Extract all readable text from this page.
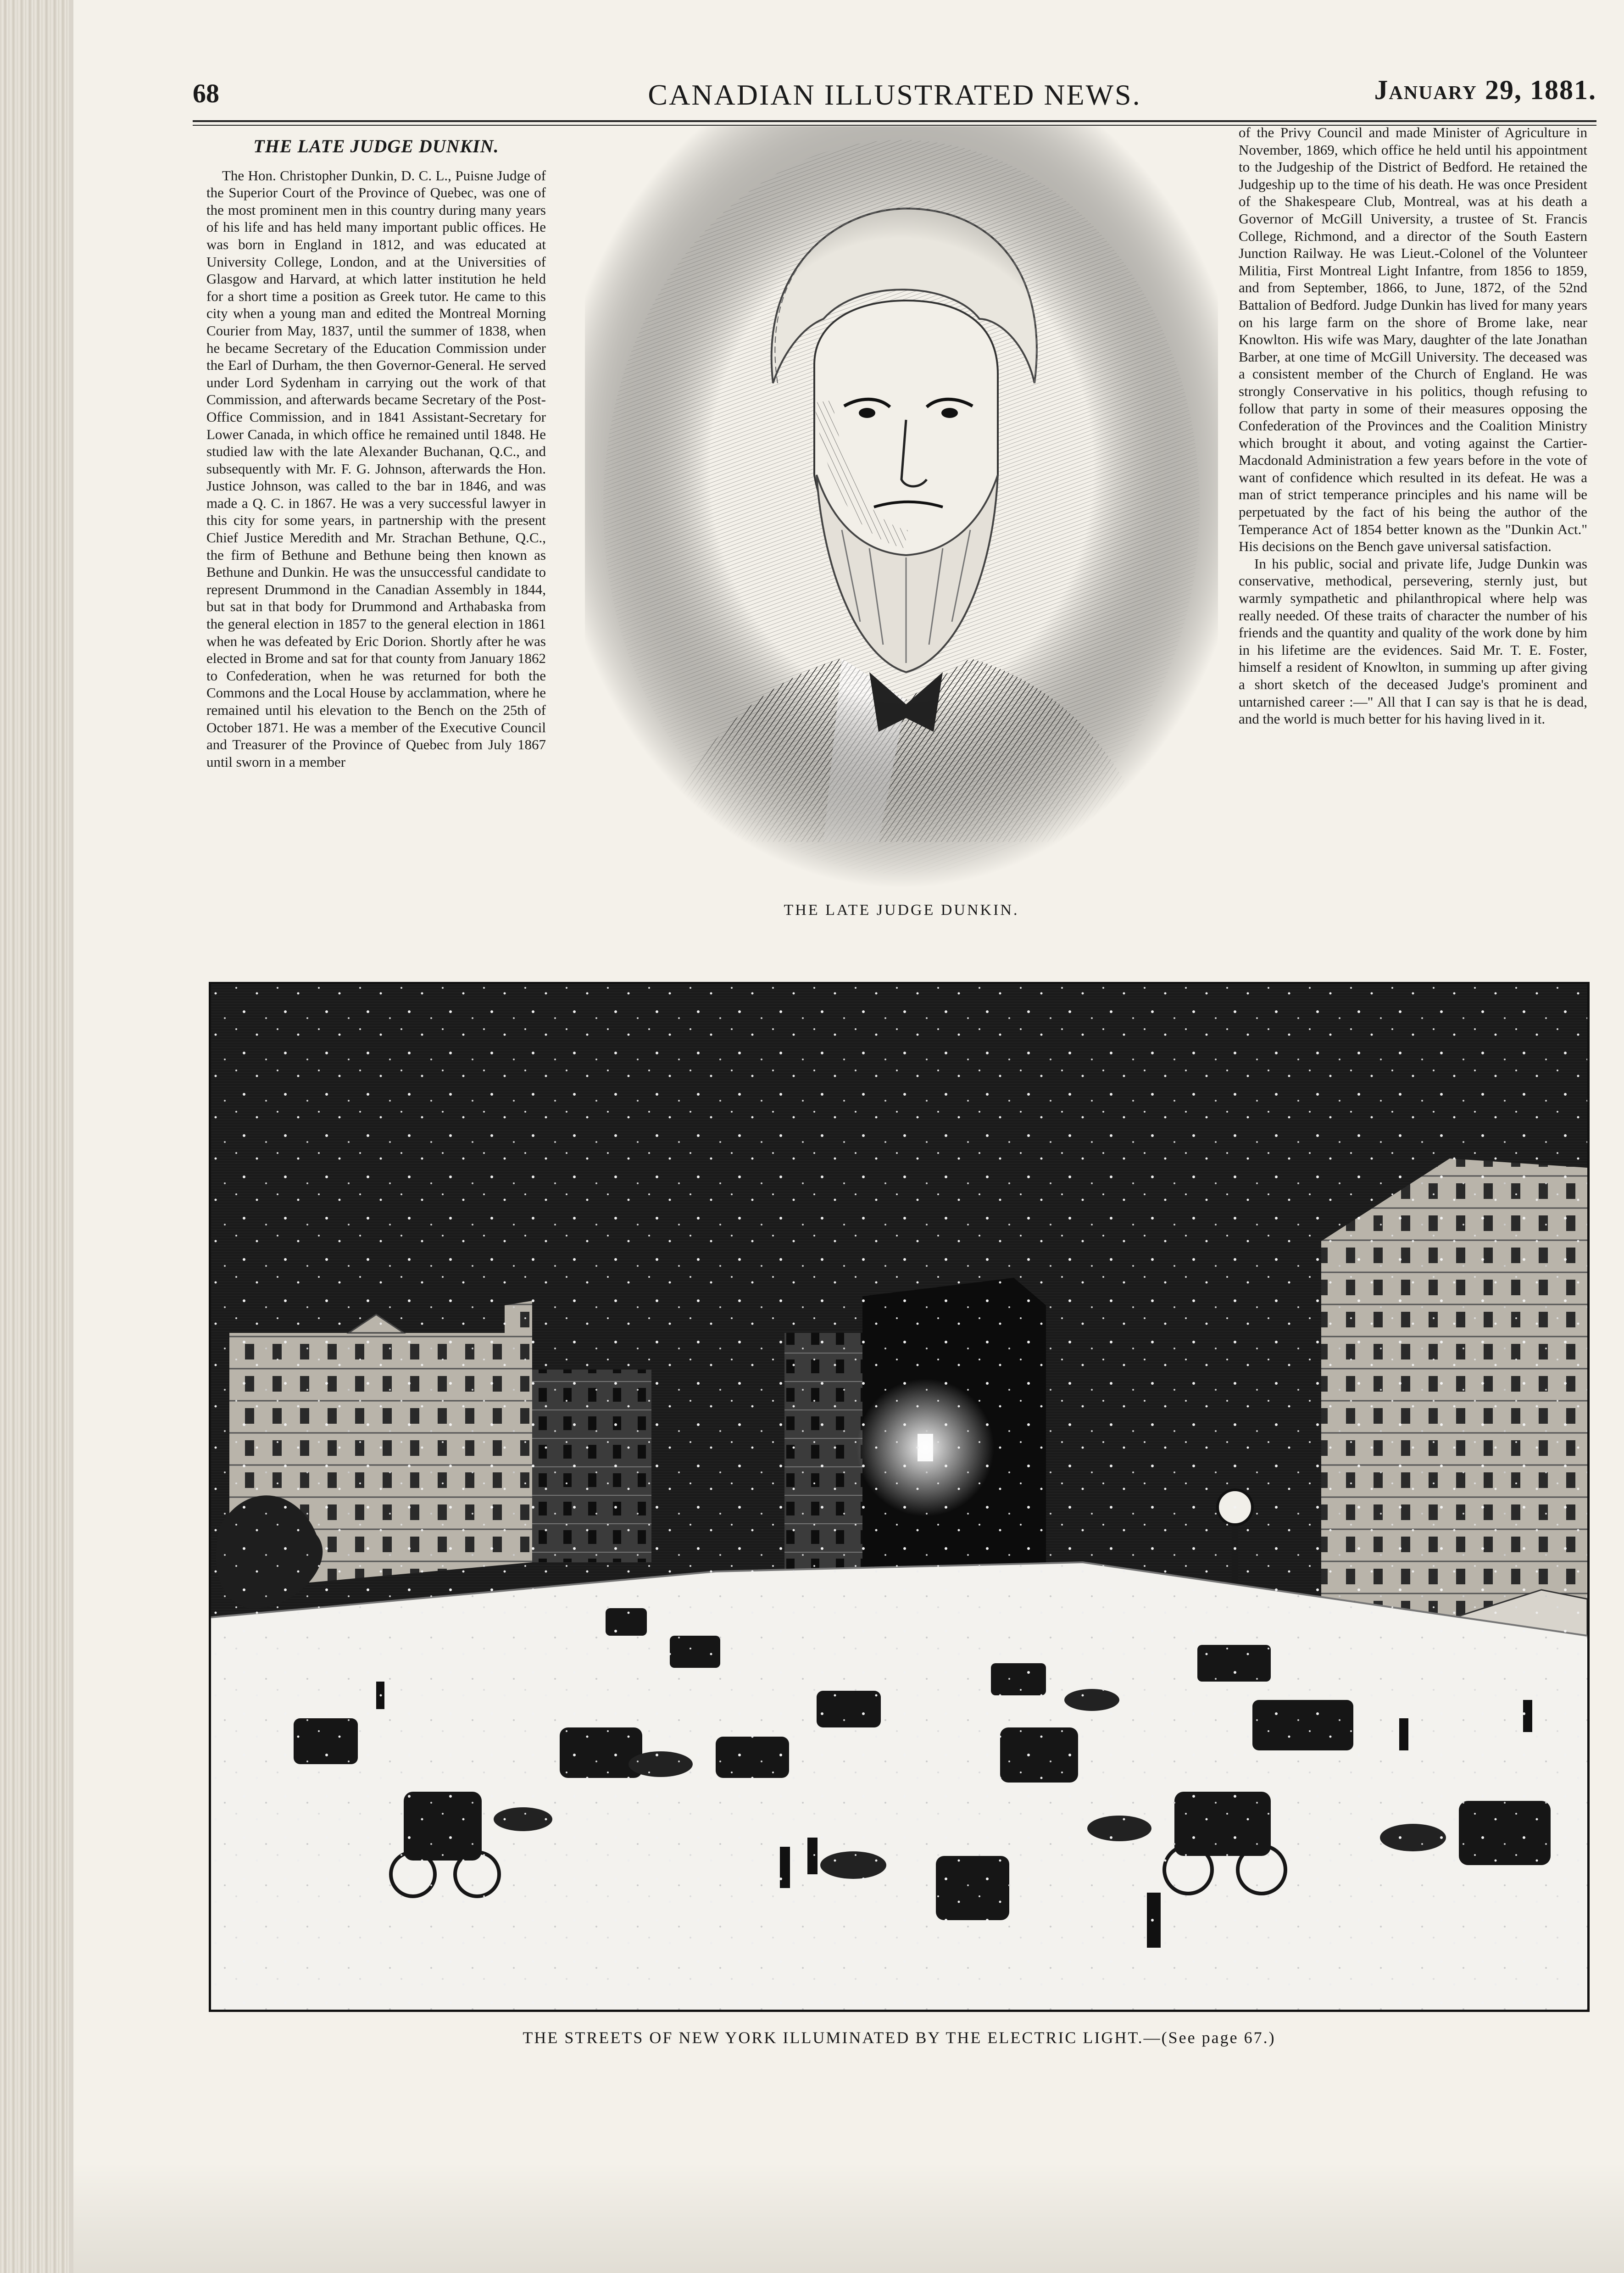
68	CANADIAN ILLUSTRATED NEWS.	January 29, 1881.
THE LATE JUDGE DUNKIN.

The Hon. Christopher Dunkin, D. C. L., Puisne Judge of the Superior Court of the Province of Quebec, was one of the most prominent men in this country during many years of his life and has held many important public offices. He was born in England in 1812, and was educated at University College, London, and at the Universities of Glasgow and Harvard, at which latter institution he held for a short time a position as Greek tutor. He came to this city when a young man and edited the Montreal Morning Courier from May, 1837, until the summer of 1838, when he became Secretary of the Education Commission under the Earl of Durham, the then Governor-General. He served under Lord Sydenham in carrying out the work of that Commission, and afterwards became Secretary of the Post-Office Commission, and in 1841 Assistant-Secretary for Lower Canada, in which office he remained until 1848. He studied law with the late Alexander Buchanan, Q.C., and subsequently with Mr. F. G. Johnson, afterwards the Hon. Justice Johnson, was called to the bar in 1846, and was made a Q. C. in 1867. He was a very successful lawyer in this city for some years, in partnership with the present Chief Justice Meredith and Mr. Strachan Bethune, Q.C., the firm of Bethune and Bethune being then known as Bethune and Dunkin. He was the unsuccessful candidate to represent Drummond in the Canadian Assembly in 1844, but sat in that body for Drummond and Arthabaska from the general election in 1857 to the general election in 1861 when he was defeated by Eric Dorion. Shortly after he was elected in Brome and sat for that county from January 1862 to Confederation, when he was returned for both the Commons and the Local House by acclammation, where he remained until his elevation to the Bench on the 25th of October 1871. He was a member of the Executive Council and Treasurer of the Province of Quebec from July 1867 until sworn in a member

THE LATE JUDGE DUNKIN.

of the Privy Council and made Minister of Agriculture in November, 1869, which office he held until his appointment to the Judgeship of the District of Bedford. He retained the Judgeship up to the time of his death. He was once President of the Shakespeare Club, Montreal, was at his death a Governor of McGill University, a trustee of St. Francis College, Richmond, and a director of the South Eastern Junction Railway. He was Lieut.-Colonel of the Volunteer Militia, First Montreal Light Infantre, from 1856 to 1859, and from September, 1866, to June, 1872, of the 52nd Battalion of Bedford. Judge Dunkin has lived for many years on his large farm on the shore of Brome lake, near Knowlton. His wife was Mary, daughter of the late Jonathan Barber, at one time of McGill University. The deceased was a consistent member of the Church of England. He was strongly Conservative in his politics, though refusing to follow that party in some of their measures opposing the Confederation of the Provinces and the Coalition Ministry which brought it about, and voting against the Cartier-Macdonald Administration a few years before in the vote of want of confidence which resulted in its defeat. He was a man of strict temperance principles and his name will be perpetuated by the fact of his being the author of the Temperance Act of 1854 better known as the "Dunkin Act." His decisions on the Bench gave universal satisfaction.

In his public, social and private life, Judge Dunkin was conservative, methodical, persevering, sternly just, but warmly sympathetic and philanthropical where help was really needed. Of these traits of character the number of his friends and the quantity and quality of the work done by him in his lifetime are the evidences. Said Mr. T. E. Foster, himself a resident of Knowlton, in summing up after giving a short sketch of the deceased Judge's prominent and untarnished career :—" All that I can say is that he is dead, and the world is much better for his having lived in it.

THE STREETS OF NEW YORK ILLUMINATED BY THE ELECTRIC LIGHT.—(See page 67.)
